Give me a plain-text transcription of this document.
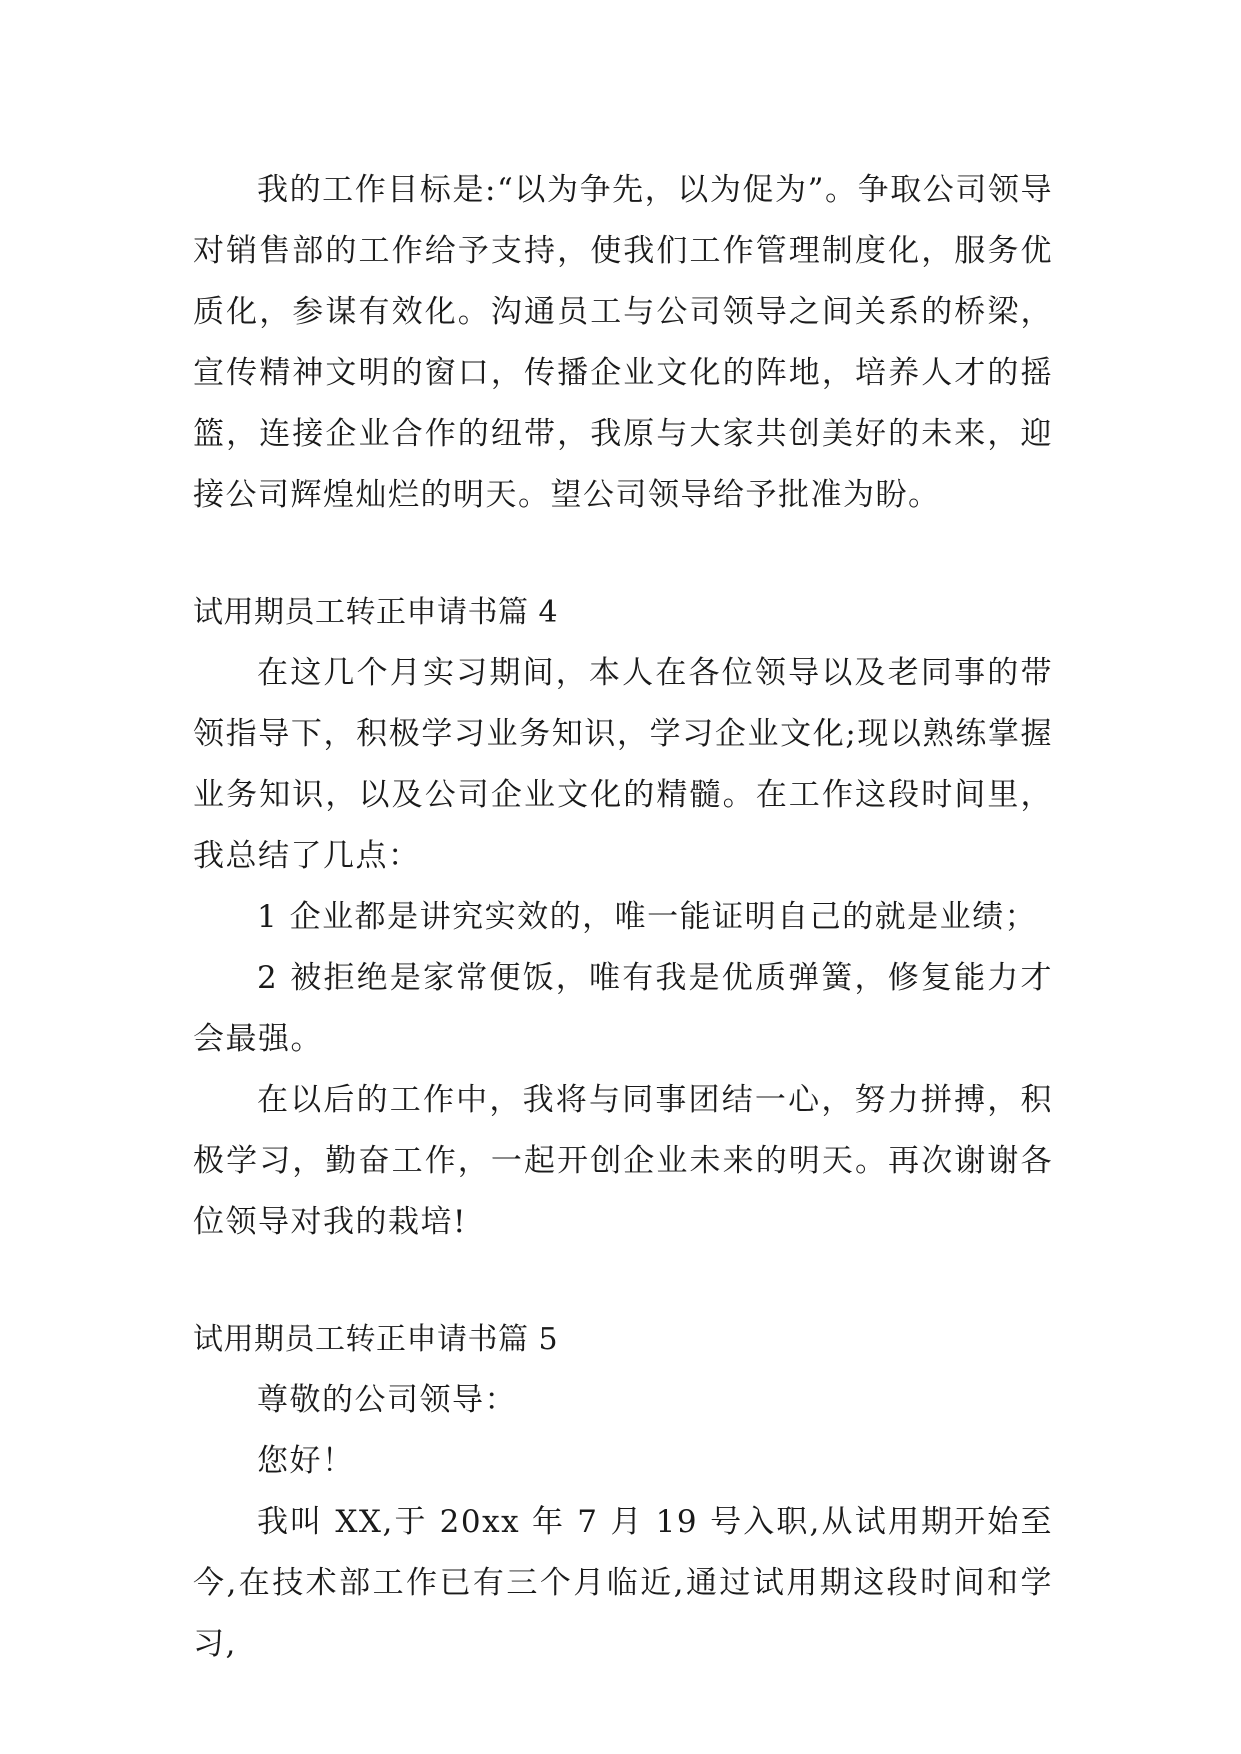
我的工作目标是:“以为争先，以为促为”。争取公司领导对销售部的工作给予支持，使我们工作管理制度化，服务优质化，参谋有效化。沟通员工与公司领导之间关系的桥梁，宣传精神文明的窗口，传播企业文化的阵地，培养人才的摇篮，连接企业合作的纽带，我原与大家共创美好的未来，迎接公司辉煌灿烂的明天。望公司领导给予批准为盼。

试用期员工转正申请书篇 4

在这几个月实习期间，本人在各位领导以及老同事的带领指导下，积极学习业务知识，学习企业文化;现以熟练掌握业务知识，以及公司企业文化的精髓。在工作这段时间里，我总结了几点：

1 企业都是讲究实效的，唯一能证明自己的就是业绩；

2 被拒绝是家常便饭，唯有我是优质弹簧，修复能力才会最强。

在以后的工作中，我将与同事团结一心，努力拼搏，积极学习，勤奋工作，一起开创企业未来的明天。再次谢谢各位领导对我的栽培!

试用期员工转正申请书篇 5

尊敬的公司领导：

您好！

我叫 XX,于 20xx 年 7 月 19 号入职,从试用期开始至今,在技术部工作已有三个月临近,通过试用期这段时间和学习,
